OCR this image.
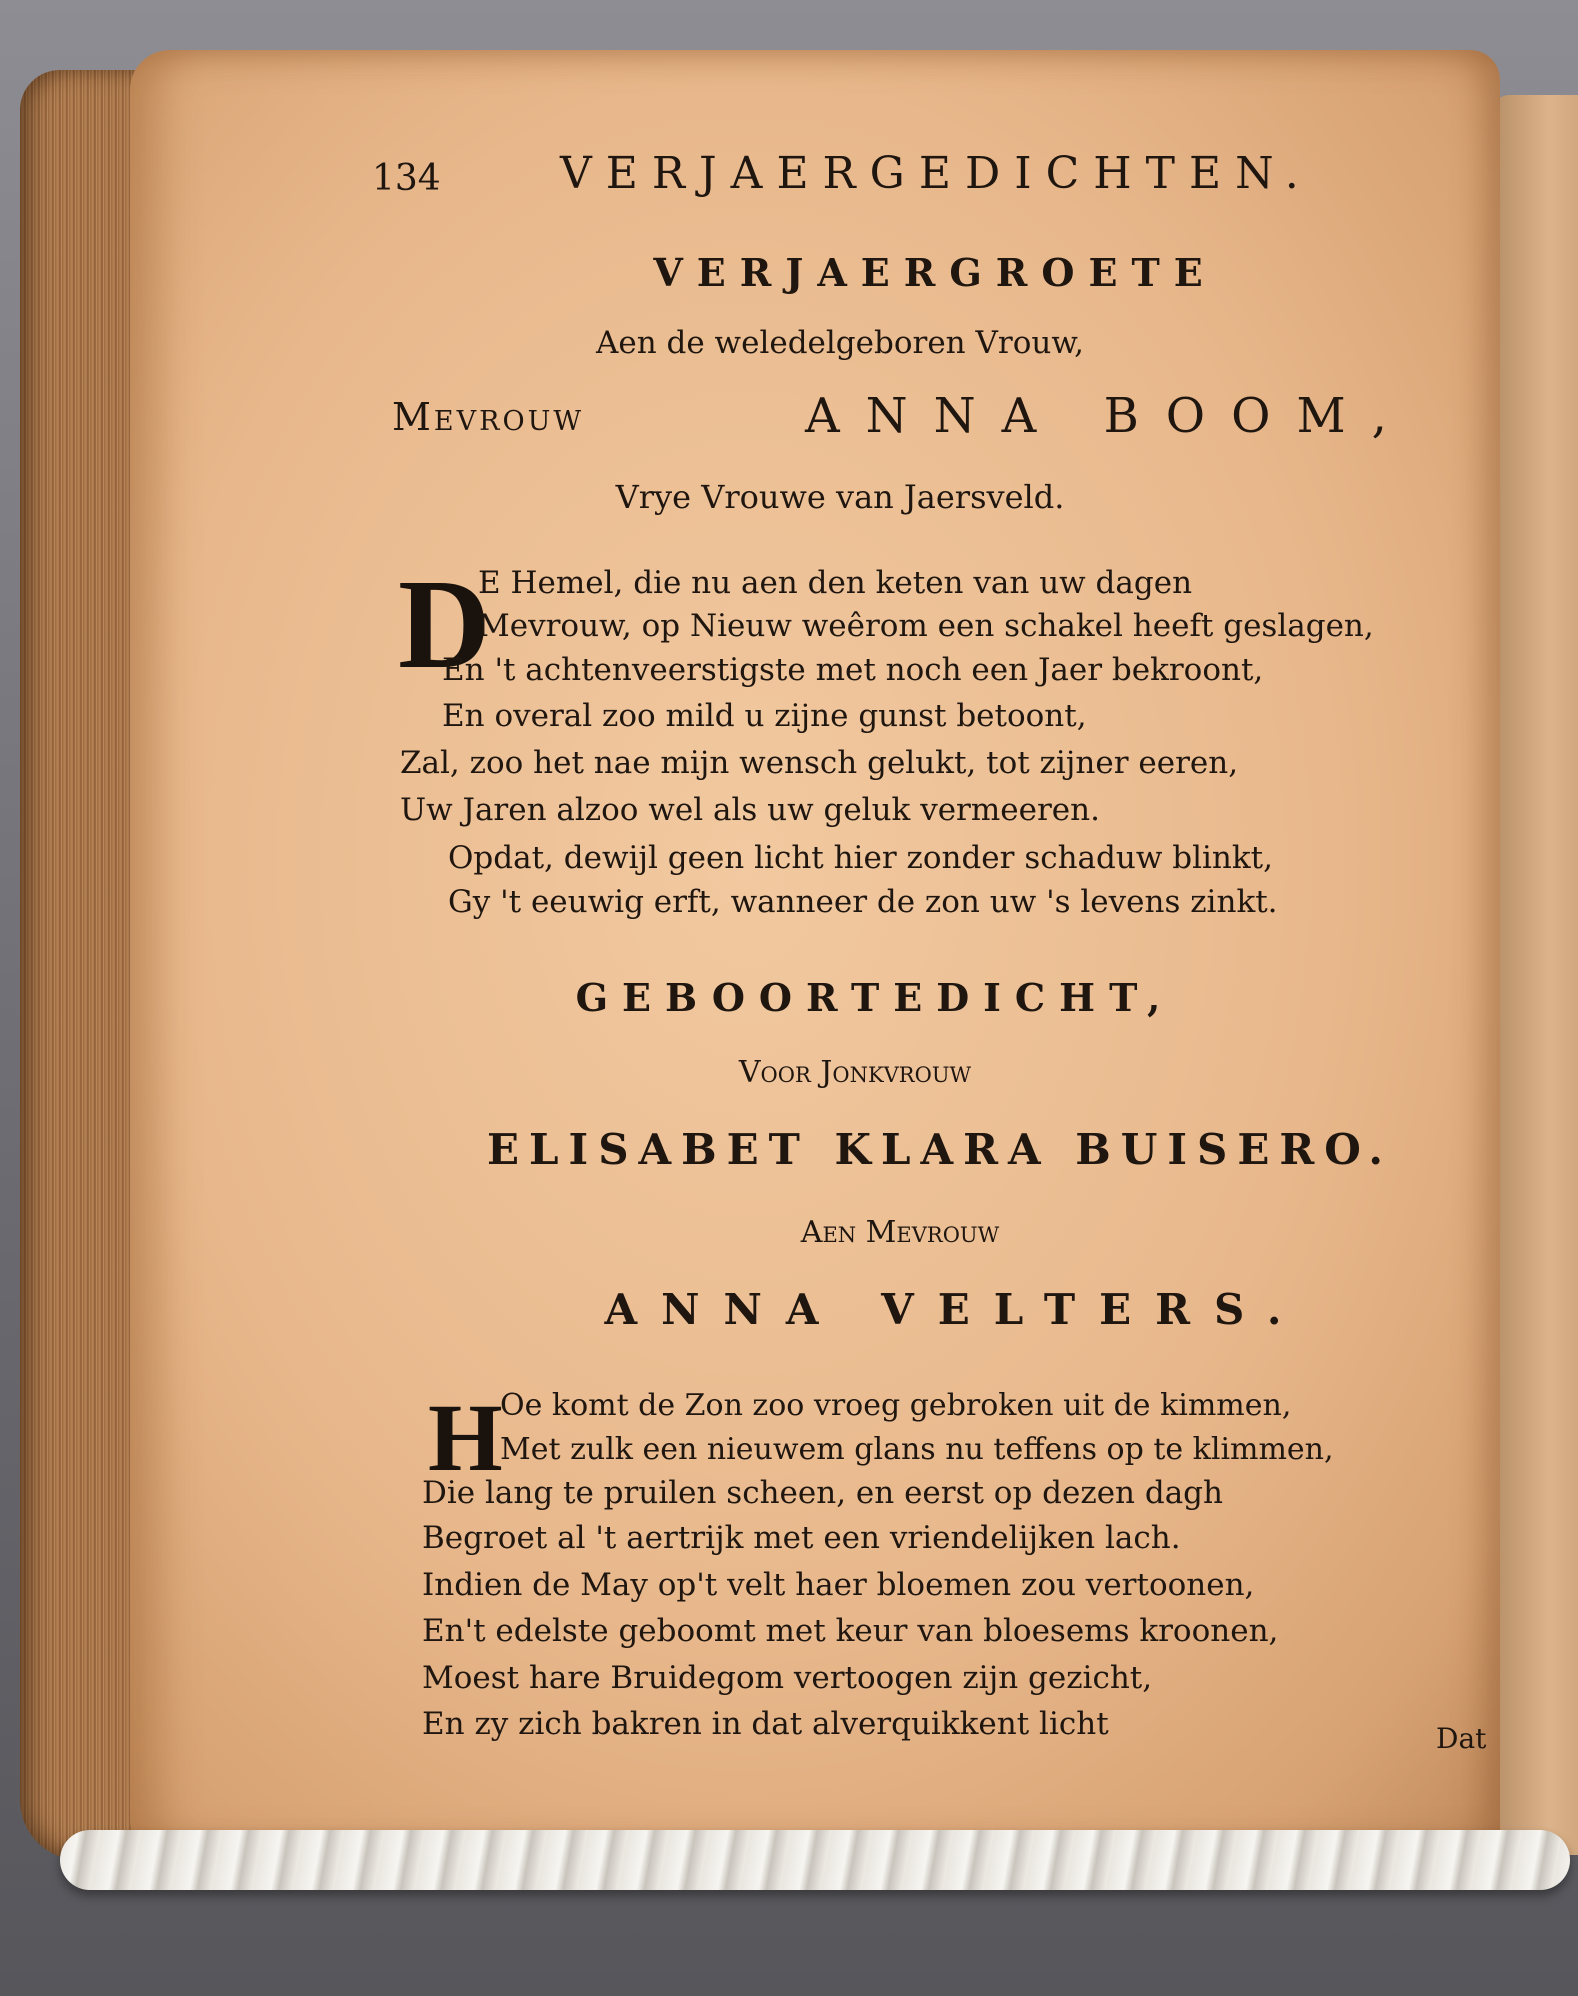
134	VERJAERGEDICHTEN.
VERJAERGROETE
Aen de weledelgeboren Vrouw,
Mevrouw	ANNA BOOM,
Vrye Vrouwe van Jaersveld.
D
E Hemel, die nu aen den keten van uw dagen
Mevrouw, op Nieuw weêrom een schakel heeft geslagen,
En 't achtenveerstigste met noch een Jaer bekroont,
En overal zoo mild u zijne gunst betoont,
Zal, zoo het nae mijn wensch gelukt, tot zijner eeren,
Uw Jaren alzoo wel als uw geluk vermeeren.
Opdat, dewijl geen licht hier zonder schaduw blinkt,
Gy 't eeuwig erft, wanneer de zon uw 's levens zinkt.
GEBOORTEDICHT,
Voor Jonkvrouw
ELISABET KLARA BUISERO.
Aen Mevrouw
ANNA VELTERS.
H
Oe komt de Zon zoo vroeg gebroken uit de kimmen,
Met zulk een nieuwem glans nu teffens op te klimmen,
Die lang te pruilen scheen, en eerst op dezen dagh
Begroet al 't aertrijk met een vriendelijken lach.
Indien de May op't velt haer bloemen zou vertoonen,
En't edelste geboomt met keur van bloesems kroonen,
Moest hare Bruidegom vertoogen zijn gezicht,
En zy zich bakren in dat alverquikkent licht	Dat
